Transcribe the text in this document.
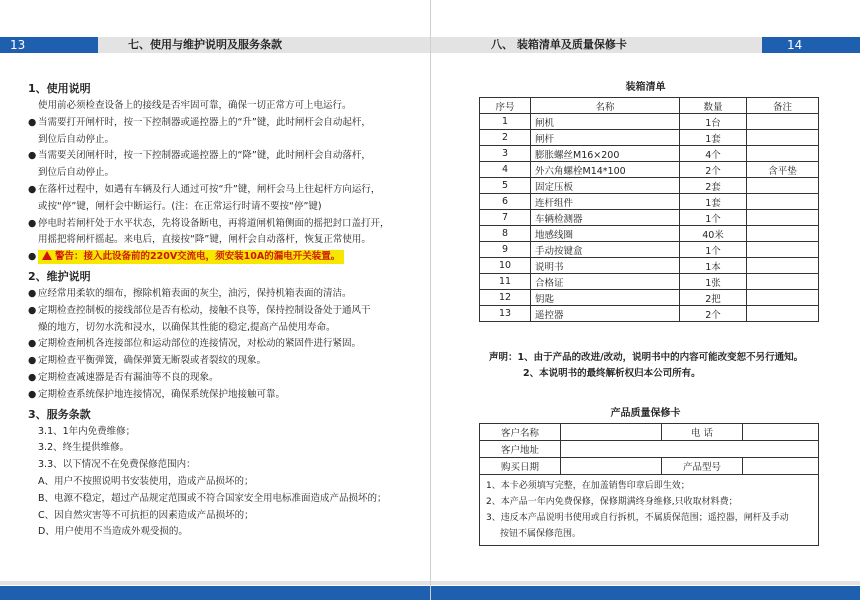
13	七、使用与维护说明及服务条款
1、使用说明

使用前必须检查设备上的接线是否牢固可靠，确保一切正常方可上电运行。

● 当需要打开闸杆时，按一下控制器或遥控器上的“升”键，此时闸杆会自动起杆，
到位后自动停止。
● 当需要关闭闸杆时，按一下控制器或遥控器上的“降”键，此时闸杆会自动落杆，
到位后自动停止。
● 在落杆过程中，如遇有车辆及行人通过可按“升”键，闸杆会马上往起杆方向运行，
或按“停”键，闸杆会中断运行。(注：在正常运行时请不要按“停”键)
● 停电时若闸杆处于水平状态，先将设备断电，再将道闸机箱侧面的摇把封口盖打开，
用摇把将闸杆摇起。来电后，直接按“降”键，闸杆会自动落杆，恢复正常使用。
● 警告：接入此设备前的220V交流电，须安装10A的漏电开关装置。
2、维护说明
● 应经常用柔软的细布，擦除机箱表面的灰尘，油污，保持机箱表面的清洁。
● 定期检查控制板的接线部位是否有松动，接触不良等，保持控制设备处于通风干
燥的地方，切勿水洗和浸水，以确保其性能的稳定,提高产品使用寿命。
● 定期检查闸机各连接部位和运动部位的连接情况，对松动的紧固件进行紧固。
● 定期检查平衡弹簧，确保弹簧无断裂或者裂纹的现象。
● 定期检查减速器是否有漏油等不良的现象。
● 定期检查系统保护地连接情况，确保系统保护地接触可靠。
3、服务条款
3.1、1年内免费维修；
3.2、终生提供维修。
3.3、以下情况不在免费保修范围内：
A、用户不按照说明书安装使用，造成产品损坏的；
B、电源不稳定，超过产品规定范围或不符合国家安全用电标准面造成产品损坏的；
C、因自然灾害等不可抗拒的因素造成产品损坏的；
D、用户使用不当造成外观受损的。
14
八、 装箱清单及质量保修卡
装箱清单
序号	名称	数量	备注
1	闸机	1台	
2	闸杆	1套	
3	膨胀螺丝M16×200	4个	
4	外六角螺栓M14*100	2个	含平垫
5	固定压板	2套	
6	连杆组件	1套	
7	车辆检测器	1个	
8	地感线圈	40米	
9	手动按键盒	1个	
10	说明书	1本	
11	合格证	1张	
12	钥匙	2把	
13	遥控器	2个	
声明：1、由于产品的改进/改动，说明书中的内容可能改变恕不另行通知。
2、本说明书的最终解析权归本公司所有。
产品质量保修卡
客户名称		电 话	
客户地址			
购买日期		产品型号	

1、本卡必须填写完整，在加盖销售印章后即生效；
2、本产品一年内免费保修，保修期满终身维修,只收取材料费；
3、违反本产品说明书使用或自行拆机，不属质保范围；遥控器，闸杆及手动
按钮不属保修范围。			
